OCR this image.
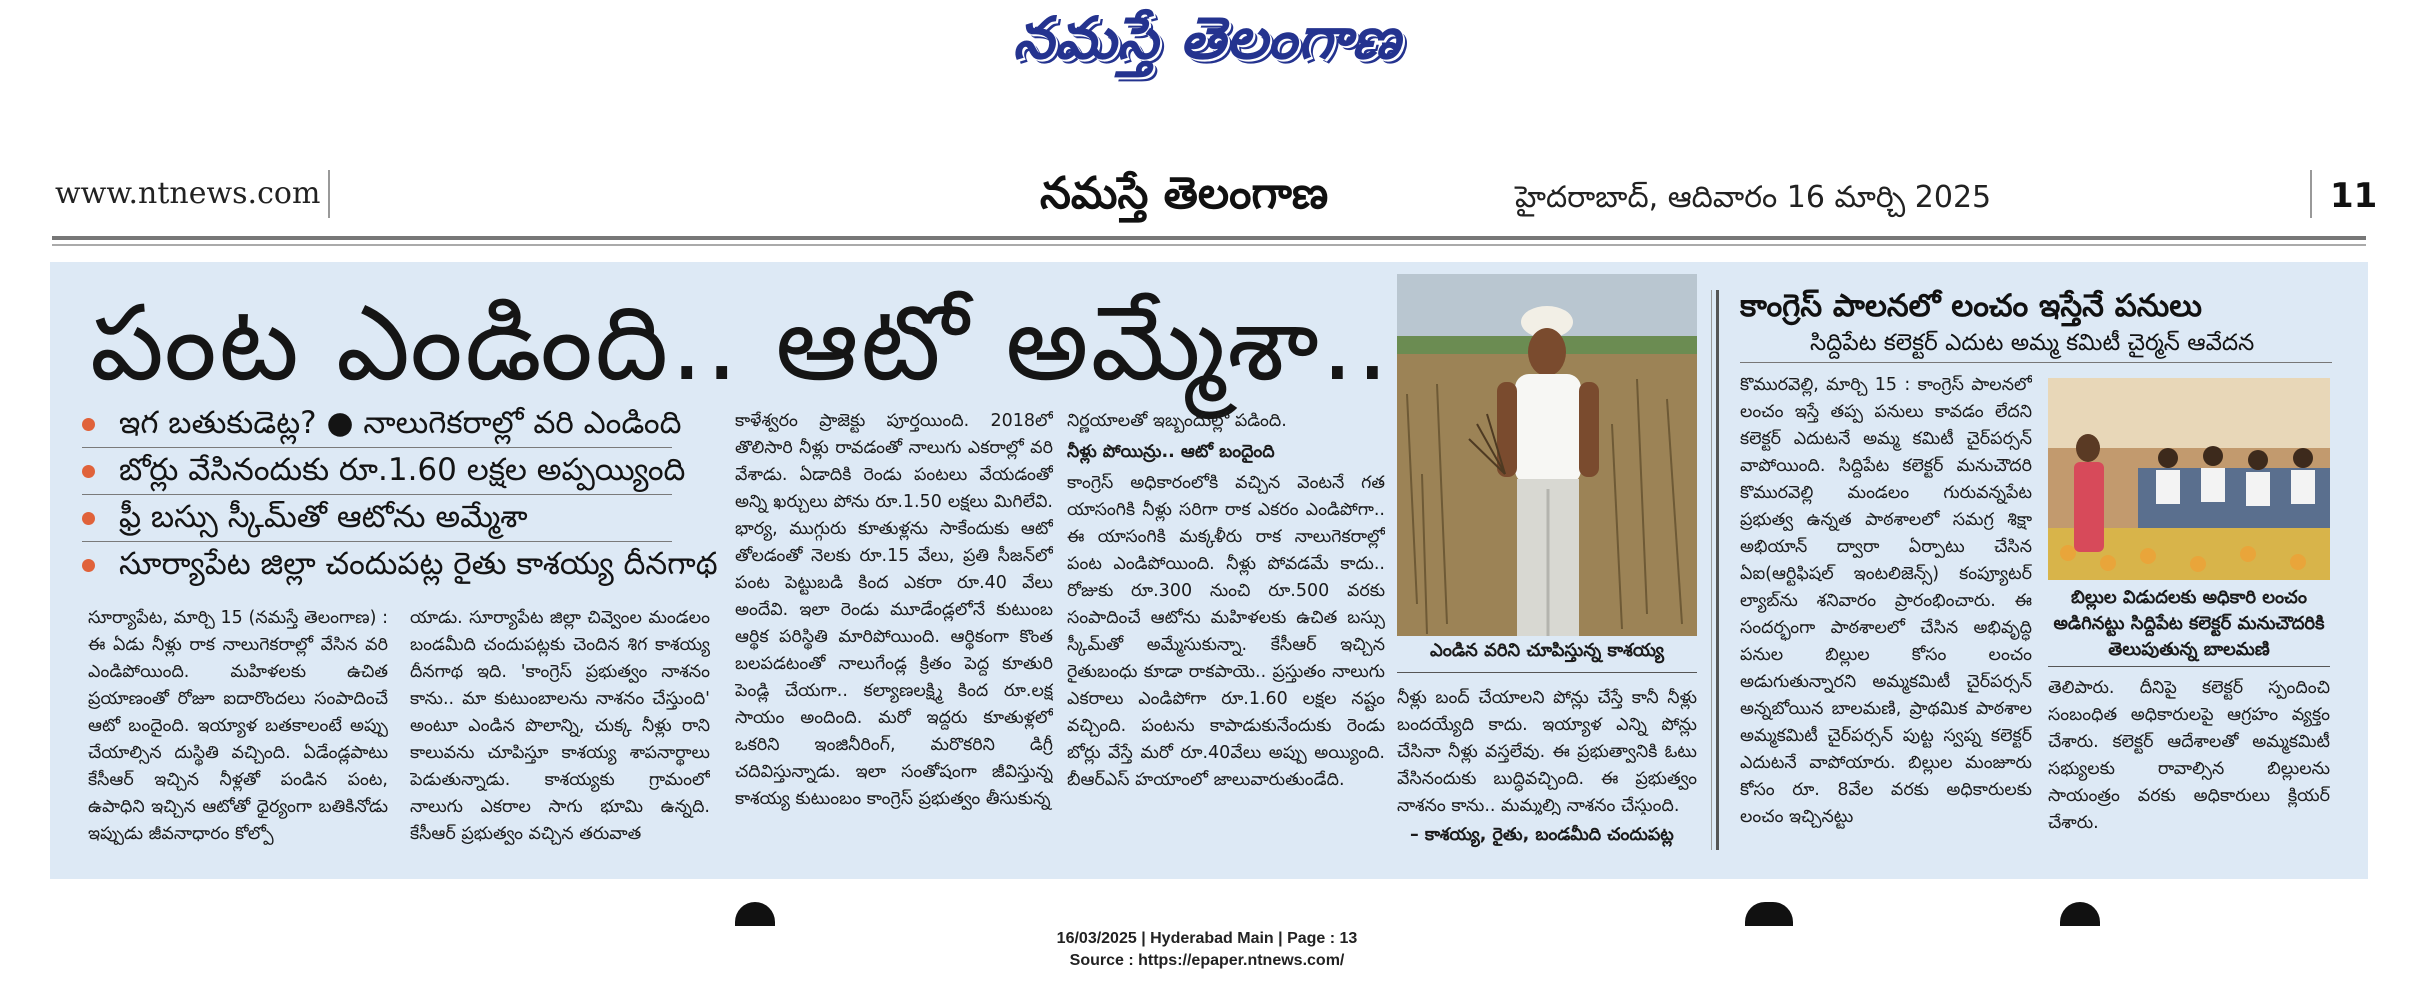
నమస్తే తెలంగాణ
www.ntnews.com	నమస్తే తెలంగాణ	హైదరాబాద్, ఆదివారం 16 మార్చి 2025	11
పంట ఎండింది.. ఆటో అమ్మేశా..
ఇగ బతుకుడెట్ల? ● నాలుగెకరాల్లో వరి ఎండింది
బోర్లు వేసినందుకు రూ.1.60 లక్షల అప్పయ్యింది
ఫ్రీ బస్సు స్కీమ్‌తో ఆటోను అమ్మేశా
సూర్యాపేట జిల్లా చందుపట్ల రైతు కాశయ్య దీనగాథ

సూర్యాపేట, మార్చి 15 (నమస్తే తెలంగాణ) : ఈ ఏడు నీళ్లు రాక నాలుగెకరాల్లో వేసిన వరి ఎండిపోయింది. మహిళలకు ఉచిత ప్రయాణంతో రోజూ ఐదారొందలు సంపాదించే ఆటో బందైంది. ఇయ్యాళ బతకాలంటే అప్పు చేయాల్సిన దుస్థితి వచ్చింది. ఏడేండ్లపాటు కేసీఆర్ ఇచ్చిన నీళ్లతో పండిన పంట, ఉపాధిని ఇచ్చిన ఆటోతో ధైర్యంగా బతికినోడు ఇప్పుడు జీవనాధారం కోల్పో

యాడు. సూర్యాపేట జిల్లా చివ్వెంల మండలం బండమీది చందుపట్లకు చెందిన శిగ కాశయ్య దీనగాథ ఇది. 'కాంగ్రెస్ ప్రభుత్వం నాశనం కాను.. మా కుటుంబాలను నాశనం చేస్తుంది' అంటూ ఎండిన పొలాన్ని, చుక్క నీళ్లు రాని కాలువను చూపిస్తూ కాశయ్య శాపనార్థాలు పెడుతున్నాడు. కాశయ్యకు గ్రామంలో నాలుగు ఎకరాల సాగు భూమి ఉన్నది. కేసీఆర్ ప్రభుత్వం వచ్చిన తరువాత

కాళేశ్వరం ప్రాజెక్టు పూర్తయింది. 2018లో తొలిసారి నీళ్లు రావడంతో నాలుగు ఎకరాల్లో వరి వేశాడు. ఏడాదికి రెండు పంటలు వేయడంతో అన్ని ఖర్చులు పోను రూ.1.50 లక్షలు మిగిలేవి. భార్య, ముగ్గురు కూతుళ్లను సాకేందుకు ఆటో తోలడంతో నెలకు రూ.15 వేలు, ప్రతి సీజన్‌లో పంట పెట్టుబడి కింద ఎకరా రూ.40 వేలు అందేవి. ఇలా రెండు మూడేండ్లలోనే కుటుంబ ఆర్థిక పరిస్థితి మారిపోయింది. ఆర్థికంగా కొంత బలపడటంతో నాలుగేండ్ల క్రితం పెద్ద కూతురి పెండ్లి చేయగా.. కల్యాణలక్ష్మి కింద రూ.లక్ష సాయం అందింది. మరో ఇద్దరు కూతుళ్లలో ఒకరిని ఇంజినీరింగ్, మరొకరిని డిగ్రీ చదివిస్తున్నాడు. ఇలా సంతోషంగా జీవిస్తున్న కాశయ్య కుటుంబం కాంగ్రెస్ ప్రభుత్వం తీసుకున్న

నిర్ణయాలతో ఇబ్బందుల్లో పడింది.

నీళ్లు పోయిన్రు.. ఆటో బందైంది

కాంగ్రెస్ అధికారంలోకి వచ్చిన వెంటనే గత యాసంగికి నీళ్లు సరిగా రాక ఎకరం ఎండిపోగా.. ఈ యాసంగికి మక్కళీరు రాక నాలుగెకరాల్లో పంట ఎండిపోయింది. నీళ్లు పోవడమే కాదు.. రోజుకు రూ.300 నుంచి రూ.500 వరకు సంపాదించే ఆటోను మహిళలకు ఉచిత బస్సు స్కీమ్‌తో అమ్మేసుకున్నా. కేసీఆర్ ఇచ్చిన రైతుబంధు కూడా రాకపాయె.. ప్రస్తుతం నాలుగు ఎకరాలు ఎండిపోగా రూ.1.60 లక్షల నష్టం వచ్చింది. పంటను కాపాడుకునేందుకు రెండు బోర్లు వేస్తే మరో రూ.40వేలు అప్పు అయ్యింది. బీఆర్‌ఎస్ హయాంలో జాలువారుతుండేది.

ఎండిన వరిని చూపిస్తున్న కాశయ్య

నీళ్లు బంద్ చేయాలని పోన్లు చేస్తే కానీ నీళ్లు బందయ్యేది కాదు. ఇయ్యాళ ఎన్ని పోన్లు చేసినా నీళ్లు వస్తలేవు. ఈ ప్రభుత్వానికి ఓటు వేసినందుకు బుద్ధివచ్చింది. ఈ ప్రభుత్వం నాశనం కాను.. మమ్మల్ని నాశనం చేస్తుంది.

– కాశయ్య, రైతు, బండమీది చందుపట్ల
కాంగ్రెస్ పాలనలో లంచం ఇస్తేనే పనులు
సిద్దిపేట కలెక్టర్ ఎదుట అమ్మ కమిటీ చైర్మన్ ఆవేదన

కొమురవెల్లి, మార్చి 15 : కాంగ్రెస్ పాలనలో లంచం ఇస్తే తప్ప పనులు కావడం లేదని కలెక్టర్ ఎదుటనే అమ్మ కమిటీ చైర్‌పర్సన్ వాపోయింది. సిద్దిపేట కలెక్టర్ మనుచౌదరి కొమురవెల్లి మండలం గురువన్నపేట ప్రభుత్వ ఉన్నత పాఠశాలలో సమగ్ర శిక్షా అభియాన్ ద్వారా ఏర్పాటు చేసిన ఏఐ(ఆర్టిఫిషల్ ఇంటలిజెన్స్) కంప్యూటర్ ల్యాబ్‌ను శనివారం ప్రారంభించారు. ఈ సందర్భంగా పాఠశాలలో చేసిన అభివృద్ధి పనుల బిల్లుల కోసం లంచం అడుగుతున్నారని అమ్మకమిటీ చైర్‌పర్సన్ అన్నబోయిన బాలమణి, ప్రాథమిక పాఠశాల అమ్మకమిటీ చైర్‌పర్సన్ పుట్ట స్వప్న కలెక్టర్ ఎదుటనే వాపోయారు. బిల్లుల మంజూరు కోసం రూ. 8వేల వరకు అధికారులకు లంచం ఇచ్చినట్టు

బిల్లుల విడుదలకు అధికారి లంచం అడిగినట్టు సిద్దిపేట కలెక్టర్ మనుచౌదరికి తెలుపుతున్న బాలమణి

తెలిపారు. దీనిపై కలెక్టర్ స్పందించి సంబంధిత అధికారులపై ఆగ్రహం వ్యక్తం చేశారు. కలెక్టర్ ఆదేశాలతో అమ్మకమిటీ సభ్యులకు రావాల్సిన బిల్లులను సాయంత్రం వరకు అధికారులు క్లియర్ చేశారు.

16/03/2025 | Hyderabad Main | Page : 13
Source : https://epaper.ntnews.com/
